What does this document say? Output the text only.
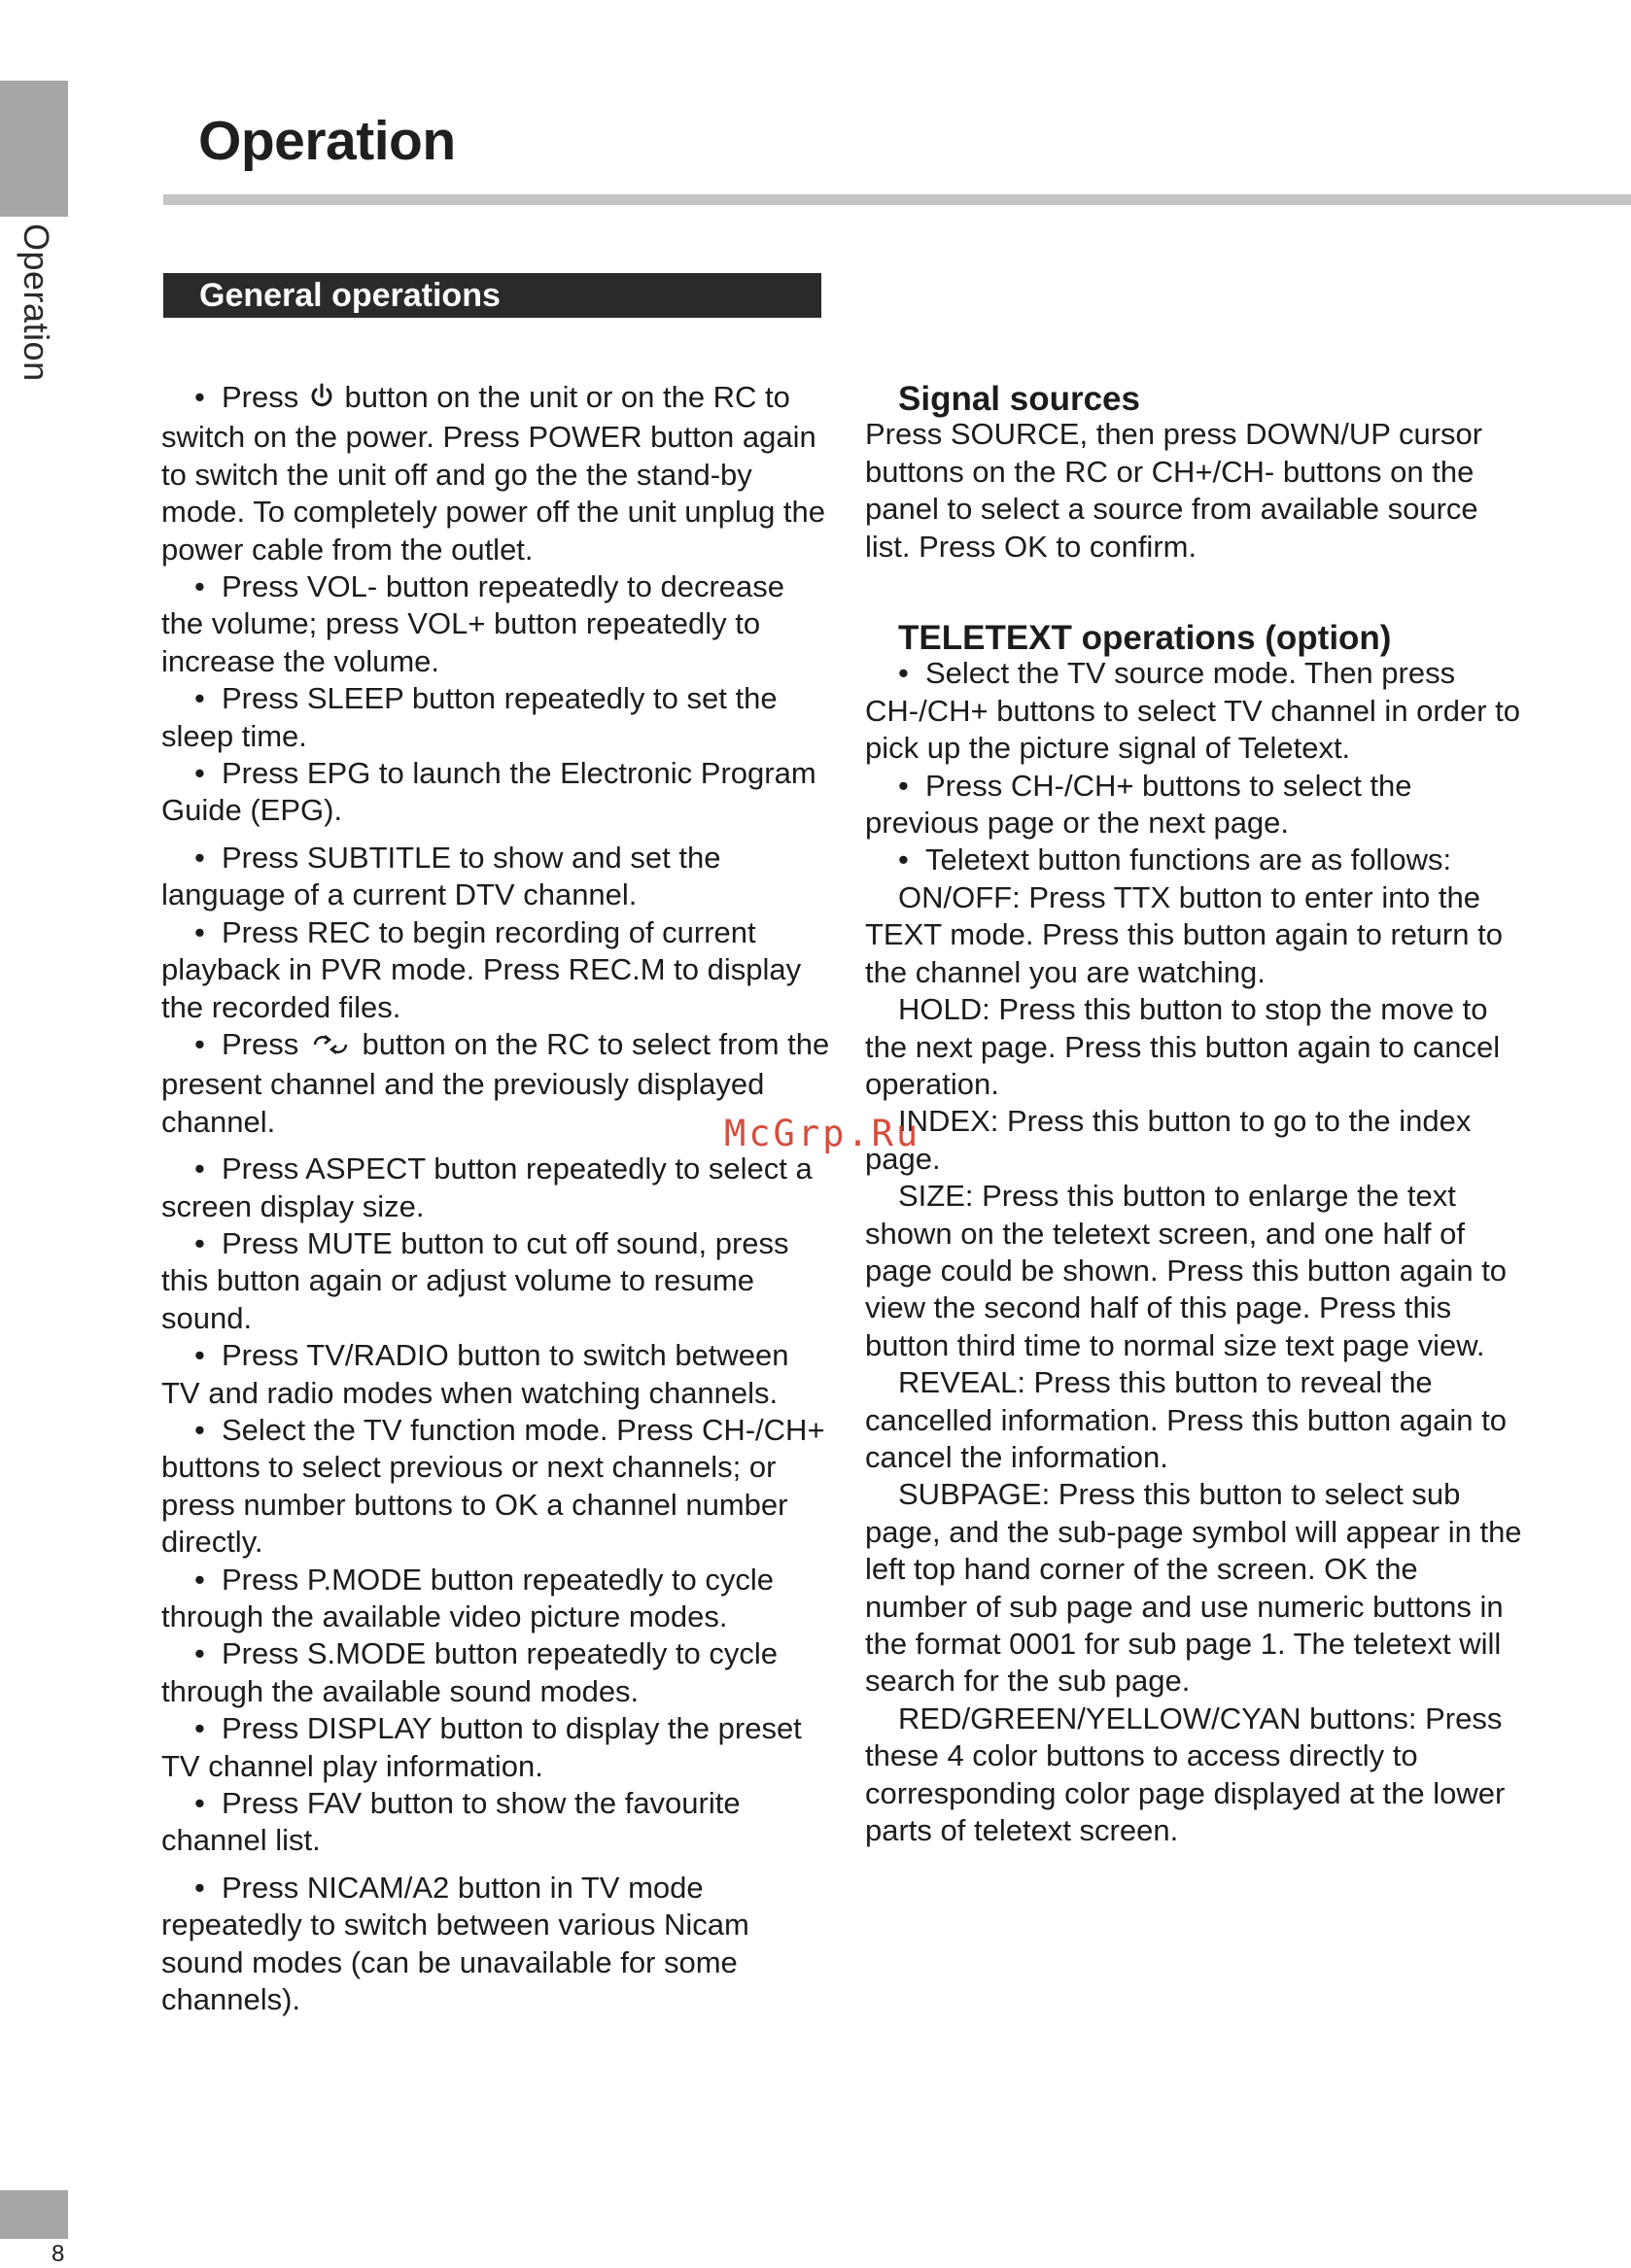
Operation
Operation
General operations

• Press button on the unit or on the RC to switch on the power. Press POWER button again to switch the unit off and go the the stand-by mode. To completely power off the unit unplug the power cable from the outlet.

• Press VOL- button repeatedly to decrease the volume; press VOL+ button repeatedly to increase the volume.

• Press SLEEP button repeatedly to set the sleep time.

• Press EPG to launch the Electronic Program Guide (EPG).

• Press SUBTITLE to show and set the language of a current DTV channel.

• Press REC to begin recording of current playback in PVR mode. Press REC.M to display the recorded files.

• Press button on the RC to select from the present channel and the previously displayed channel.

• Press ASPECT button repeatedly to select a screen display size.

• Press MUTE button to cut off sound, press this button again or adjust volume to resume sound.

• Press TV/RADIO button to switch between TV and radio modes when watching channels.

• Select the TV function mode. Press CH-/CH+ buttons to select previous or next channels; or press number buttons to OK a channel number directly.

• Press P.MODE button repeatedly to cycle through the available video picture modes.

• Press S.MODE button repeatedly to cycle through the available sound modes.

• Press DISPLAY button to display the preset TV channel play information.

• Press FAV button to show the favourite channel list.

• Press NICAM/A2 button in TV mode repeatedly to switch between various Nicam sound modes (can be unavailable for some channels).

Signal sources

Press SOURCE, then press DOWN/UP cursor buttons on the RC or CH+/CH- buttons on the panel to select a source from available source list. Press OK to confirm.

TELETEXT operations (option)

• Select the TV source mode. Then press CH-/CH+ buttons to select TV channel in order to pick up the picture signal of Teletext.

• Press CH-/CH+ buttons to select the previous page or the next page.

• Teletext button functions are as follows:

ON/OFF: Press TTX button to enter into the TEXT mode. Press this button again to return to the channel you are watching.

HOLD: Press this button to stop the move to the next page. Press this button again to cancel operation.

INDEX: Press this button to go to the index page.

SIZE: Press this button to enlarge the text shown on the teletext screen, and one half of page could be shown. Press this button again to view the second half of this page. Press this button third time to normal size text page view.

REVEAL: Press this button to reveal the cancelled information. Press this button again to cancel the information.

SUBPAGE: Press this button to select sub page, and the sub-page symbol will appear in the left top hand corner of the screen. OK the number of sub page and use numeric buttons in the format 0001 for sub page 1. The teletext will search for the sub page.

RED/GREEN/YELLOW/CYAN buttons: Press these 4 color buttons to access directly to corresponding color page displayed at the lower parts of teletext screen.

McGrp.Ru
8
